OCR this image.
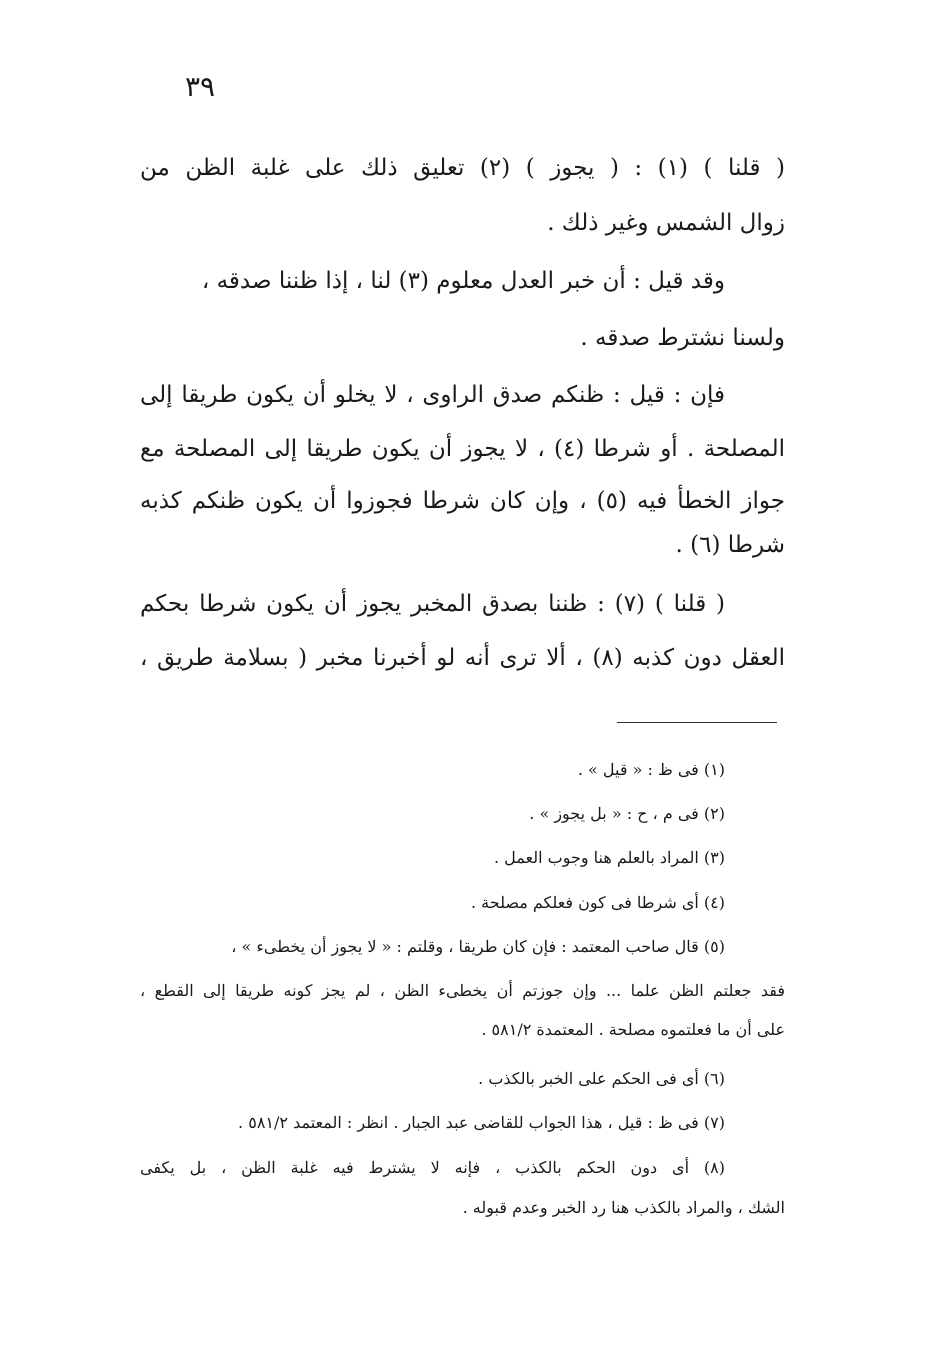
٣٩
( قلنا ) (١) : ( يجوز ) (٢) تعليق ذلك على غلبة الظن من
زوال الشمس وغير ذلك .
وقد قيل : أن خبر العدل معلوم (٣) لنا ، إذا ظننا صدقه ،
ولسنا نشترط صدقه .
فإن : قيل : ظنكم صدق الراوى ، لا يخلو أن يكون طريقا إلى
المصلحة . أو شرطا (٤) ، لا يجوز أن يكون طريقا إلى المصلحة مع
جواز الخطأ فيه (٥) ، وإن كان شرطا فجوزوا أن يكون ظنكم كذبه
شرطا (٦) .
( قلنا ) (٧) : ظننا بصدق المخبر يجوز أن يكون شرطا بحكم
العقل دون كذبه (٨) ، ألا ترى أنه لو أخبرنا مخبر ( بسلامة طريق ،
(١) فى ظ : « قيل » .
(٢) فى م ، ح : « بل يجوز » .
(٣) المراد بالعلم هنا وجوب العمل .
(٤) أى شرطا فى كون فعلكم مصلحة .
(٥) قال صاحب المعتمد : فإن كان طريقا ، وقلتم : « لا يجوز أن يخطىء » ،
فقد جعلتم الظن علما ... وإن جوزتم أن يخطىء الظن ، لم يجز كونه طريقا إلى القطع ،
على أن ما فعلتموه مصلحة . المعتمدة ٥٨١/٢ .
(٦) أى فى الحكم على الخبر بالكذب .
(٧) فى ظ : قيل ، هذا الجواب للقاضى عبد الجبار . انظر : المعتمد ٥٨١/٢ .
(٨) أى دون الحكم بالكذب ، فإنه لا يشترط فيه غلبة الظن ، بل يكفى
الشك ، والمراد بالكذب هنا رد الخبر وعدم قبوله .
